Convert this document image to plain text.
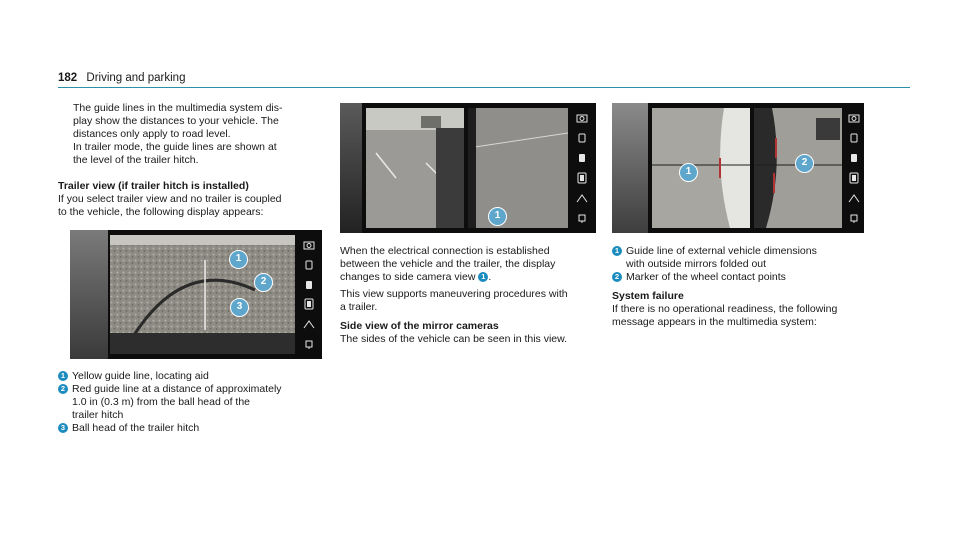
182 Driving and parking

The guide lines in the multimedia system dis-

play show the distances to your vehicle. The

distances only apply to road level.

In trailer mode, the guide lines are shown at

the level of the trailer hitch.

Trailer view (if trailer hitch is installed)

If you select trailer view and no trailer is coupled

to the vehicle, the following display appears:

1
2
3

1 Yellow guide line, locating aid

2 Red guide line at a distance of approximately

1.0 in (0.3 m) from the ball head of the

trailer hitch

3 Ball head of the trailer hitch

1

When the electrical connection is established

between the vehicle and the trailer, the display

changes to side camera view 1 .

This view supports maneuvering procedures with

a trailer.

Side view of the mirror cameras

The sides of the vehicle can be seen in this view.

1
2
1 Guide line of external vehicle dimensions

with outside mirrors folded out

2 Marker of the wheel contact points

System failure

If there is no operational readiness, the following

message appears in the multimedia system:
